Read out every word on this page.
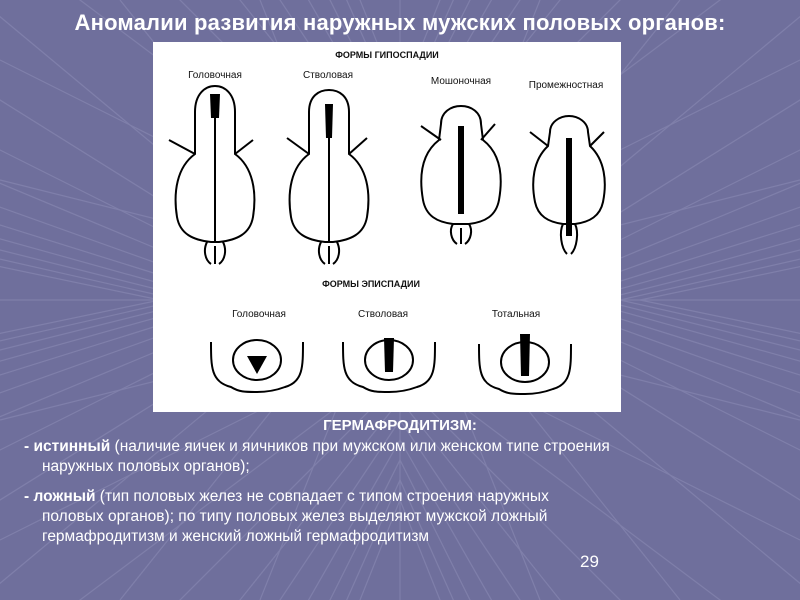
Аномалии развития наружных мужских половых органов:
ФОРМЫ ГИПОСПАДИИ
Головочная	Стволовая
Мошоночная	Промежностная
ФОРМЫ ЭПИСПАДИИ
Головочная	Стволовая	Тотальная
ГЕРМАФРОДИТИЗМ:
- истинный (наличие яичек и яичников при мужском или женском типе строения
наружных половых органов);
- ложный (тип половых желез не совпадает с типом строения наружных
половых органов); по типу половых желез выделяют мужской ложный
гермафродитизм и женский ложный гермафродитизм
29
